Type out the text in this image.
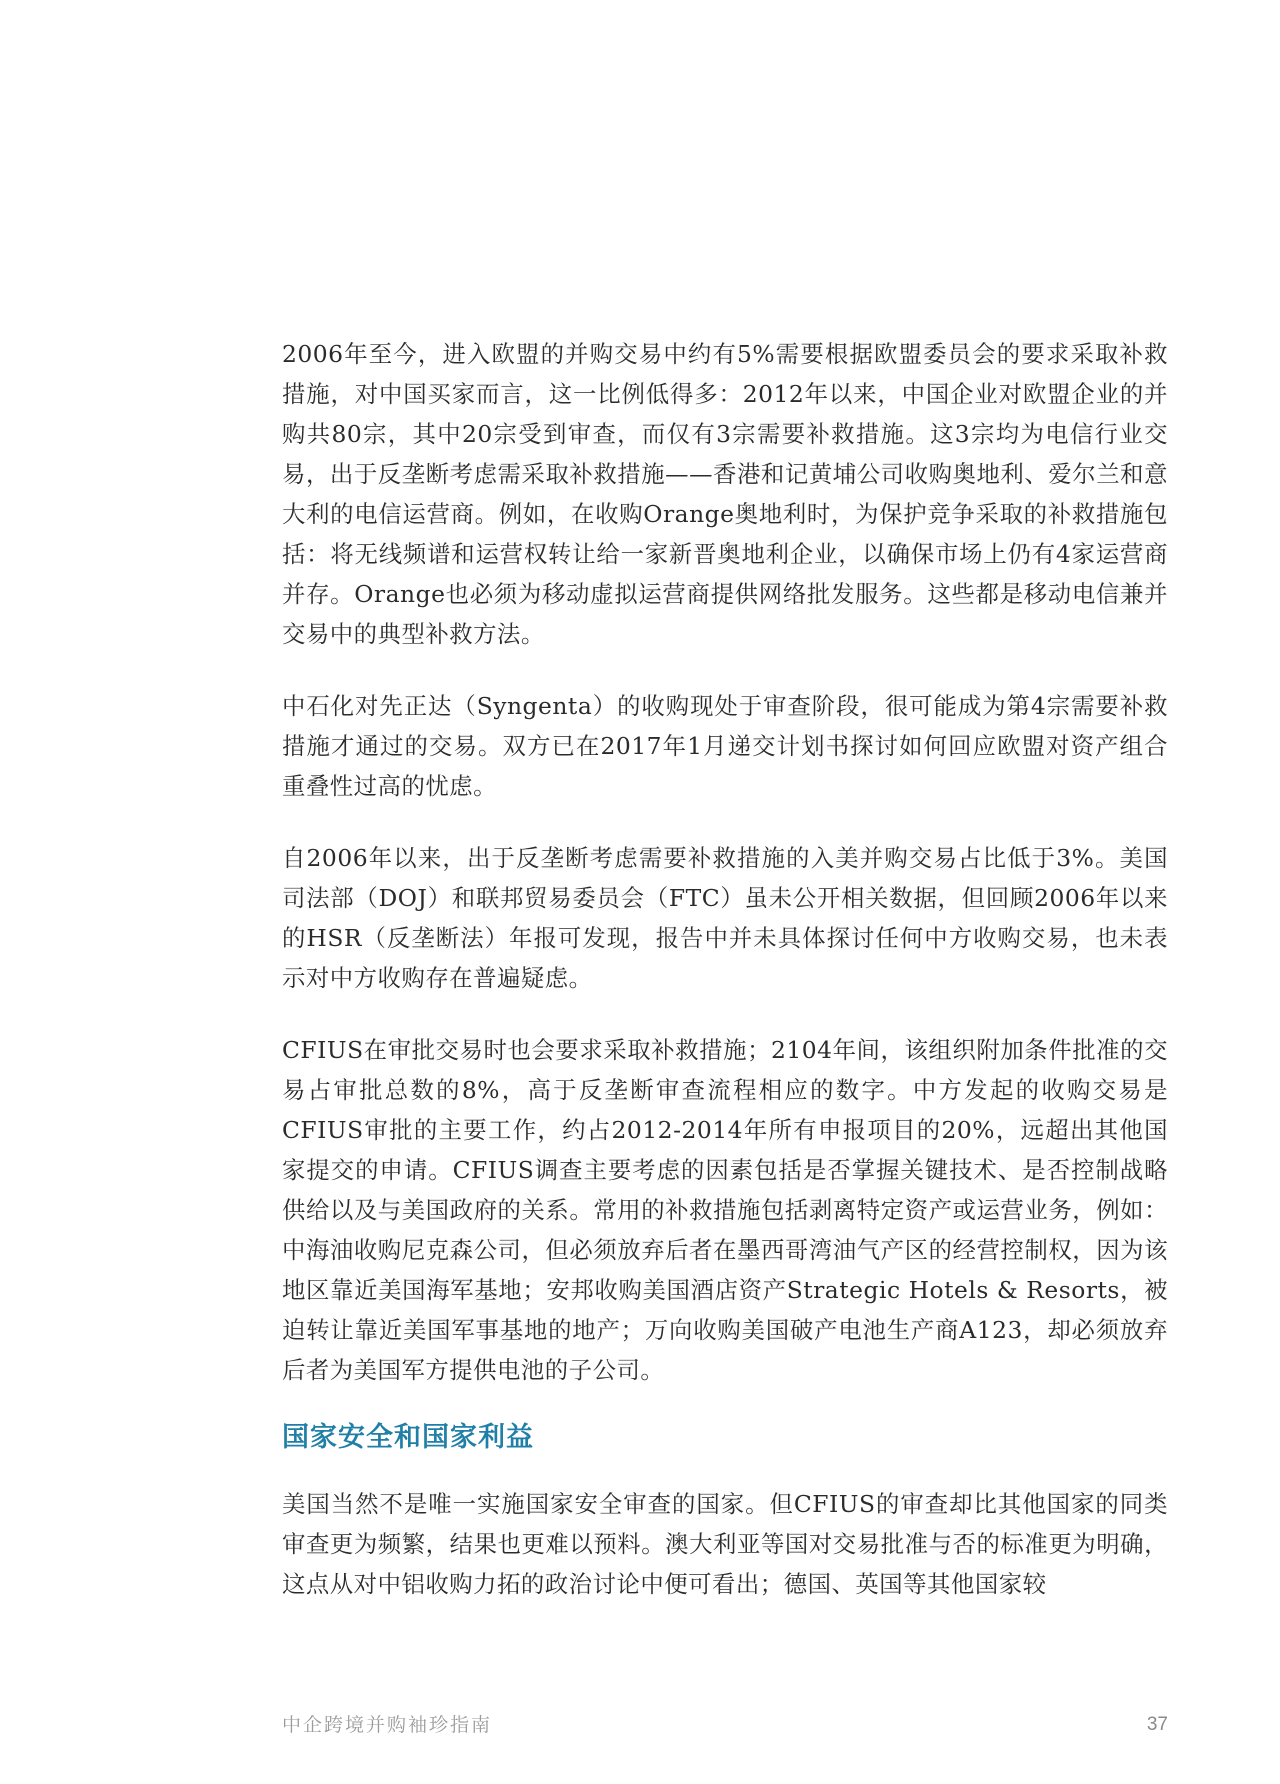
2006年至今，进入欧盟的并购交易中约有5%需要根据欧盟委员会的要求采取补救措施，对中国买家而言，这一比例低得多：2012年以来，中国企业对欧盟企业的并购共80宗，其中20宗受到审查，而仅有3宗需要补救措施。这3宗均为电信行业交易，出于反垄断考虑需采取补救措施——香港和记黄埔公司收购奥地利、爱尔兰和意大利的电信运营商。例如，在收购Orange奥地利时，为保护竞争采取的补救措施包括：将无线频谱和运营权转让给一家新晋奥地利企业，以确保市场上仍有4家运营商并存。Orange也必须为移动虚拟运营商提供网络批发服务。这些都是移动电信兼并交易中的典型补救方法。

中石化对先正达（Syngenta）的收购现处于审查阶段，很可能成为第4宗需要补救措施才通过的交易。双方已在2017年1月递交计划书探讨如何回应欧盟对资产组合重叠性过高的忧虑。

自2006年以来，出于反垄断考虑需要补救措施的入美并购交易占比低于3%。美国司法部（DOJ）和联邦贸易委员会（FTC）虽未公开相关数据，但回顾2006年以来的HSR（反垄断法）年报可发现，报告中并未具体探讨任何中方收购交易，也未表示对中方收购存在普遍疑虑。

CFIUS在审批交易时也会要求采取补救措施；2104年间，该组织附加条件批准的交易占审批总数的8%，高于反垄断审查流程相应的数字。中方发起的收购交易是CFIUS审批的主要工作，约占2012-2014年所有申报项目的20%，远超出其他国家提交的申请。CFIUS调查主要考虑的因素包括是否掌握关键技术、是否控制战略供给以及与美国政府的关系。常用的补救措施包括剥离特定资产或运营业务，例如：中海油收购尼克森公司，但必须放弃后者在墨西哥湾油气产区的经营控制权，因为该地区靠近美国海军基地；安邦收购美国酒店资产Strategic Hotels & Resorts，被迫转让靠近美国军事基地的地产；万向收购美国破产电池生产商A123，却必须放弃后者为美国军方提供电池的子公司。

国家安全和国家利益

美国当然不是唯一实施国家安全审查的国家。但CFIUS的审查却比其他国家的同类审查更为频繁，结果也更难以预料。澳大利亚等国对交易批准与否的标准更为明确，这点从对中铝收购力拓的政治讨论中便可看出；德国、英国等其他国家较

中企跨境并购袖珍指南	37
